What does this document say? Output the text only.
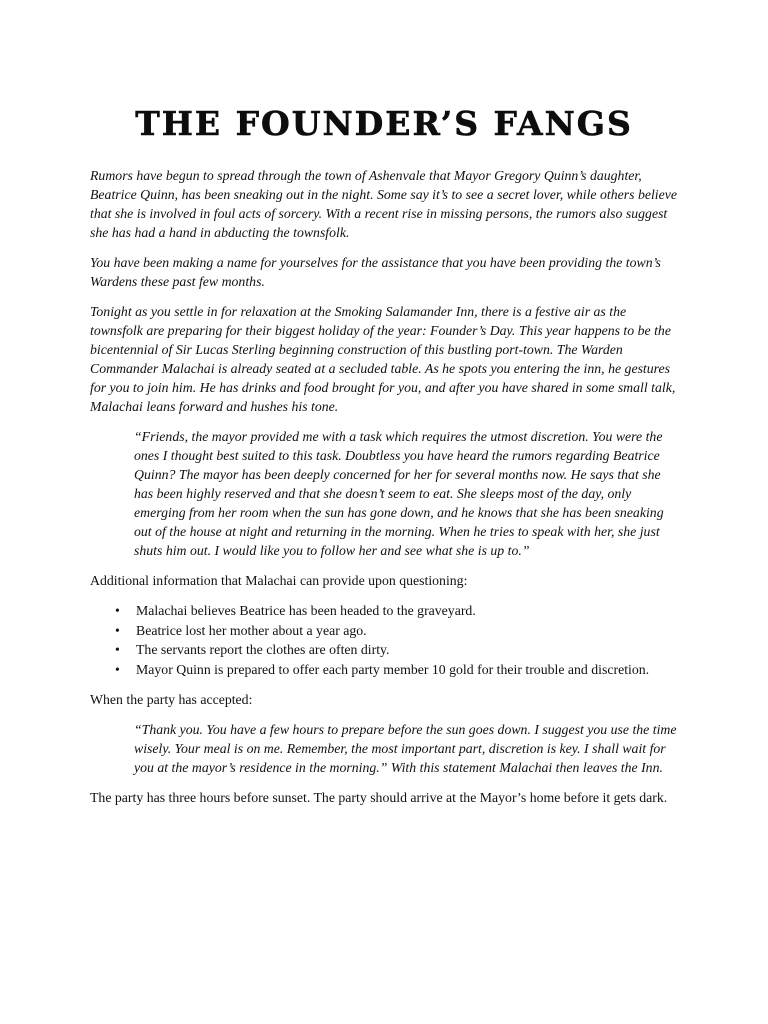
THE FOUNDER’S FANGS

Rumors have begun to spread through the town of Ashenvale that Mayor Gregory Quinn’s daughter, Beatrice Quinn, has been sneaking out in the night. Some say it’s to see a secret lover, while others believe that she is involved in foul acts of sorcery. With a recent rise in missing persons, the rumors also suggest she has had a hand in abducting the townsfolk.

You have been making a name for yourselves for the assistance that you have been providing the town’s Wardens these past few months.

Tonight as you settle in for relaxation at the Smoking Salamander Inn, there is a festive air as the townsfolk are preparing for their biggest holiday of the year: Founder’s Day. This year happens to be the bicentennial of Sir Lucas Sterling beginning construction of this bustling port-town. The Warden Commander Malachai is already seated at a secluded table. As he spots you entering the inn, he gestures for you to join him. He has drinks and food brought for you, and after you have shared in some small talk, Malachai leans forward and hushes his tone.

“Friends, the mayor provided me with a task which requires the utmost discretion. You were the ones I thought best suited to this task. Doubtless you have heard the rumors regarding Beatrice Quinn? The mayor has been deeply concerned for her for several months now. He says that she has been highly reserved and that she doesn’t seem to eat. She sleeps most of the day, only emerging from her room when the sun has gone down, and he knows that she has been sneaking out of the house at night and returning in the morning. When he tries to speak with her, she just shuts him out. I would like you to follow her and see what she is up to.”

Additional information that Malachai can provide upon questioning:

• Malachai believes Beatrice has been headed to the graveyard.
• Beatrice lost her mother about a year ago.
• The servants report the clothes are often dirty.
• Mayor Quinn is prepared to offer each party member 10 gold for their trouble and discretion.

When the party has accepted:

“Thank you. You have a few hours to prepare before the sun goes down. I suggest you use the time wisely. Your meal is on me. Remember, the most important part, discretion is key. I shall wait for you at the mayor’s residence in the morning.” With this statement Malachai then leaves the Inn.

The party has three hours before sunset. The party should arrive at the Mayor’s home before it gets dark.
